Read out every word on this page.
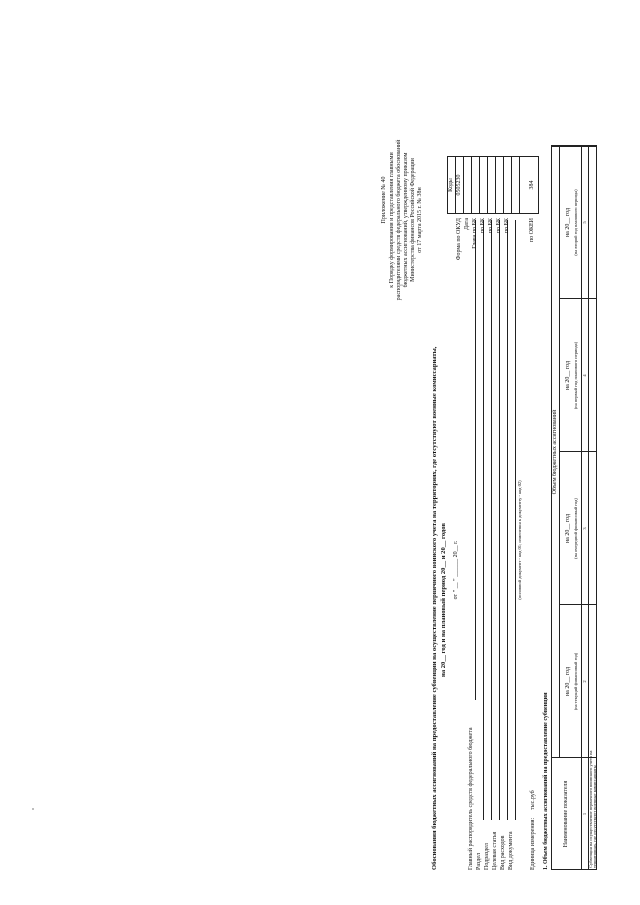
Приложение № 40 к Порядку формирования и представления главными распорядителями средств федерального бюджета обоснований бюджетных ассигнований, утвержденному приказом Министерства финансов Российской Федерации от 17 марта 2015 г. № 38н
Обоснования бюджетных ассигнований на предоставление субвенции на осуществление первичного воинского учета на территориях, где отсутствуют военные комиссариаты, на 20__ год и на плановый период 20__ и 20__ годов от " __ " ______ 20__ г.
Главный распорядитель средств федерального бюджета Раздел Подраздел Целевая статья Вид расходов Вид документа
(основной документ - код 01; изменения к документу - код 02)
Единица измерения:
тыс.руб
Коды
Форма по ОКУД
0505230
Дата Глава по БК по БК по БК по БК по БК	по ОКЕИ
384
1. Объем бюджетных ассигнований на предоставление субвенции Наименование показателя
Объем бюджетных ассигнований
на 20__ год (на текущий финансовый год)
на 20__ год (на очередной финансовый год)
на 20__ год (на первый год планового периода)
на 20__ год (на второй год планового периода)
1
2
3
4
5
Субвенция на осуществление первичного воинского учета на территориях, где отсутствуют военные комиссариаты
